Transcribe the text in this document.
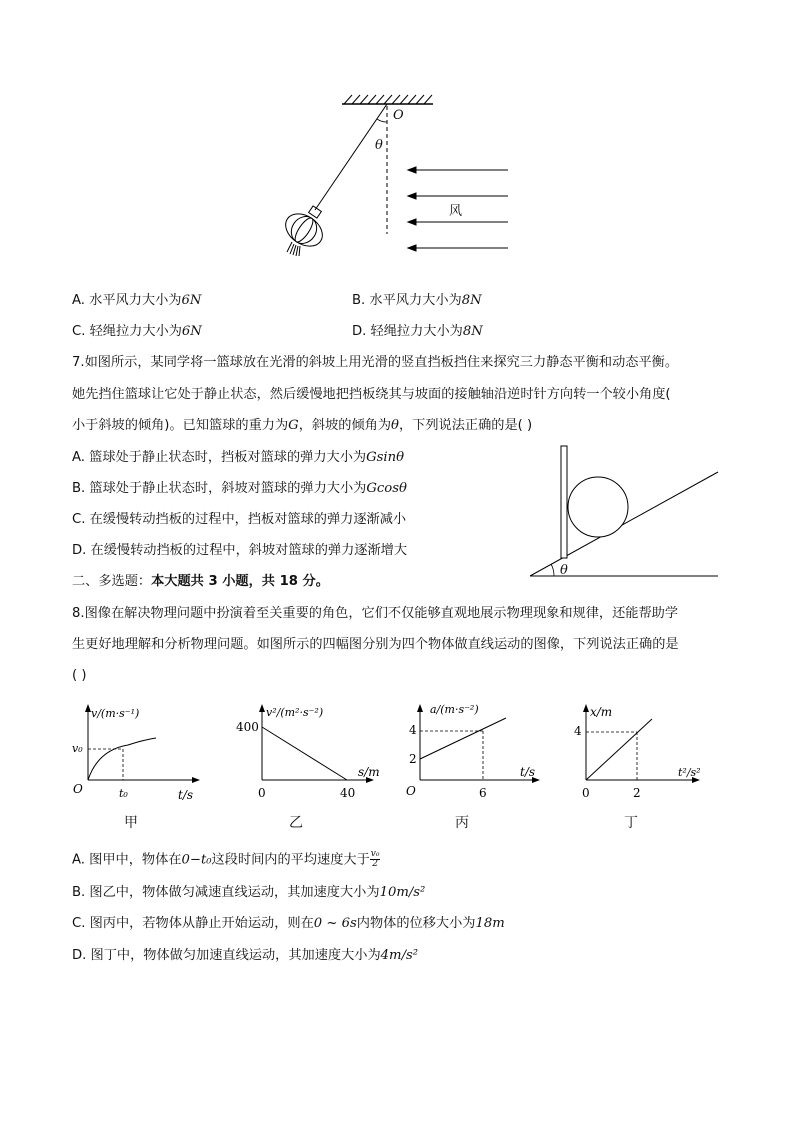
O
θ
风
A. 水平风力大小为6N	B. 水平风力大小为8N
C. 轻绳拉力大小为6N	D. 轻绳拉力大小为8N
7.如图所示，某同学将一篮球放在光滑的斜坡上用光滑的竖直挡板挡住来探究三力静态平衡和动态平衡。
她先挡住篮球让它处于静止状态，然后缓慢地把挡板绕其与坡面的接触轴沿逆时针方向转一个较小角度(
小于斜坡的倾角)。已知篮球的重力为G，斜坡的倾角为θ，下列说法正确的是( )
A. 篮球处于静止状态时，挡板对篮球的弹力大小为Gsinθ
B. 篮球处于静止状态时，斜坡对篮球的弹力大小为Gcosθ
C. 在缓慢转动挡板的过程中，挡板对篮球的弹力逐渐减小
D. 在缓慢转动挡板的过程中，斜坡对篮球的弹力逐渐增大
θ
二、多选题：本大题共 3 小题，共 18 分。
8.图像在解决物理问题中扮演着至关重要的角色，它们不仅能够直观地展示物理现象和规律，还能帮助学
生更好地理解和分析物理问题。如图所示的四幅图分别为四个物体做直线运动的图像，下列说法正确的是
( )
v/(m·s⁻¹)
t/s
O
v₀
t₀
甲
v²/(m²·s⁻²)
s/m
0
400
40
乙
a/(m·s⁻²)
t/s
O
4
2
6
丙
x/m
t²/s²
0
4
2
丁
A. 图甲中，物体在0−t₀这段时间内的平均速度大于 $\frac{\text{v₀}}{2}$
B. 图乙中，物体做匀减速直线运动，其加速度大小为10m/s²
C. 图丙中，若物体从静止开始运动，则在0 ~ 6s内物体的位移大小为18m
D. 图丁中，物体做匀加速直线运动，其加速度大小为4m/s²
